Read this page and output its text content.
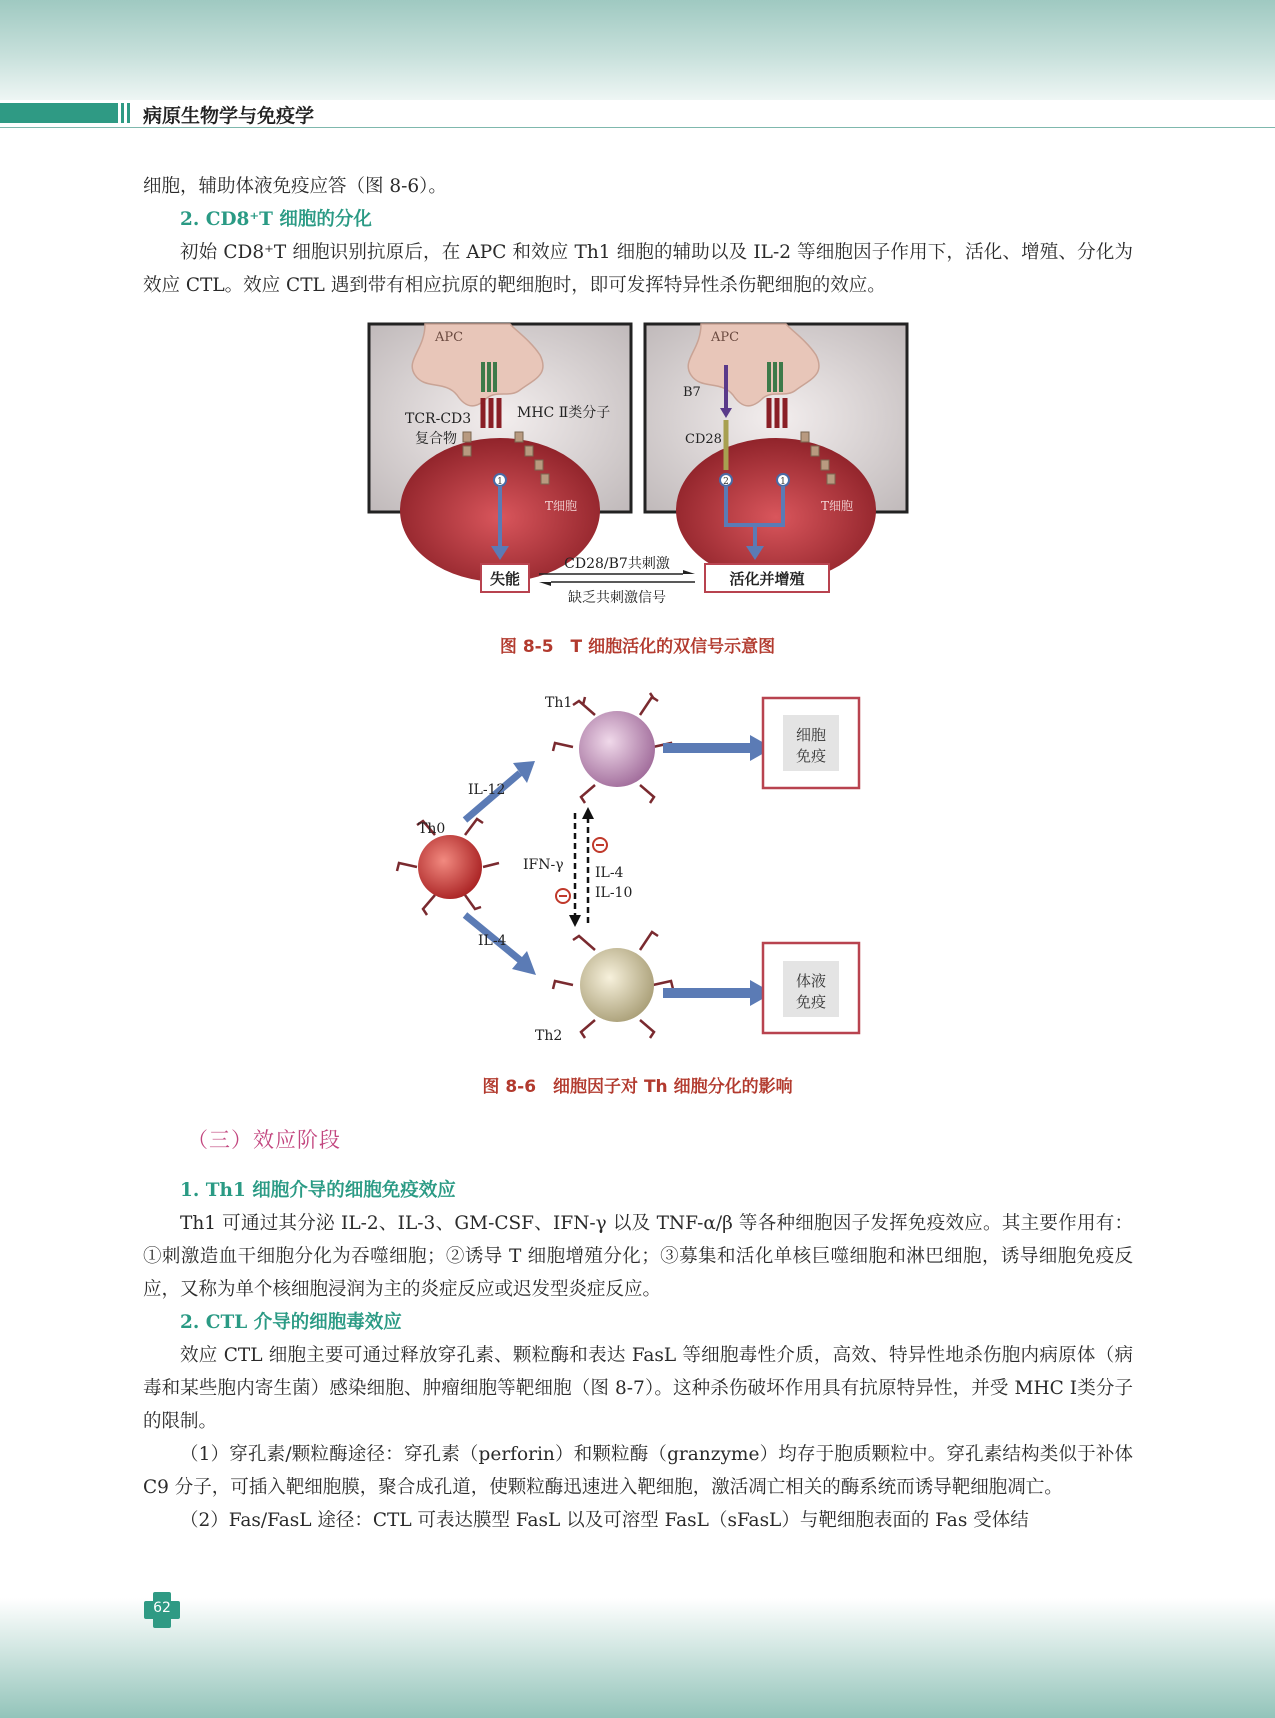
病原生物学与免疫学

细胞，辅助体液免疫应答（图 8-6）。

2. CD8⁺T 细胞的分化

初始 CD8⁺T 细胞识别抗原后，在 APC 和效应 Th1 细胞的辅助以及 IL-2 等细胞因子作用下，活化、增殖、分化为效应 CTL。效应 CTL 遇到带有相应抗原的靶细胞时，即可发挥特异性杀伤靶细胞的效应。

1
APC
TCR-CD3
复合物
MHC Ⅱ类分子
T细胞
2	1
APC
B7
CD28
T细胞
失能	活化并增殖
CD28/B7共刺激
缺乏共刺激信号
图 8-5　T 细胞活化的双信号示意图
细胞
免疫
体液
免疫
Th1
Th0
Th2
IL-12
IL-4
IFN-γ IL-4
IL-10
图 8-6　细胞因子对 Th 细胞分化的影响
（三）效应阶段

1. Th1 细胞介导的细胞免疫效应

Th1 可通过其分泌 IL-2、IL-3、GM-CSF、IFN-γ 以及 TNF-α/β 等各种细胞因子发挥免疫效应。其主要作用有：①刺激造血干细胞分化为吞噬细胞；②诱导 T 细胞增殖分化；③募集和活化单核巨噬细胞和淋巴细胞，诱导细胞免疫反应，又称为单个核细胞浸润为主的炎症反应或迟发型炎症反应。

2. CTL 介导的细胞毒效应

效应 CTL 细胞主要可通过释放穿孔素、颗粒酶和表达 FasL 等细胞毒性介质，高效、特异性地杀伤胞内病原体（病毒和某些胞内寄生菌）感染细胞、肿瘤细胞等靶细胞（图 8-7）。这种杀伤破坏作用具有抗原特异性，并受 MHC Ⅰ类分子的限制。

（1）穿孔素/颗粒酶途径：穿孔素（perforin）和颗粒酶（granzyme）均存于胞质颗粒中。穿孔素结构类似于补体 C9 分子，可插入靶细胞膜，聚合成孔道，使颗粒酶迅速进入靶细胞，激活凋亡相关的酶系统而诱导靶细胞凋亡。

（2）Fas/FasL 途径：CTL 可表达膜型 FasL 以及可溶型 FasL（sFasL）与靶细胞表面的 Fas 受体结

62
